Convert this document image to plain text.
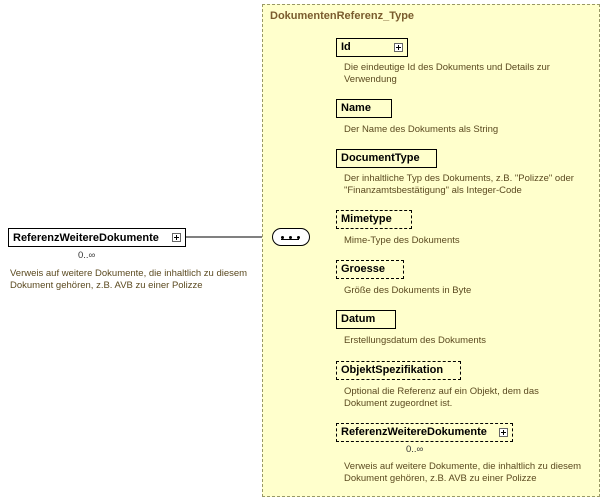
ReferenzWeitereDokumente
0..∞
Verweis auf weitere Dokumente, die inhaltlich zu diesem Dokument gehören, z.B. AVB zu einer Polizze
DokumentenReferenz_Type
Id
Die eindeutige Id des Dokuments und Details zur Verwendung
Name
Der Name des Dokuments als String
DocumentType
Der inhaltliche Typ des Dokuments, z.B. "Polizze" oder "Finanzamtsbestätigung" als Integer-Code
Mimetype
Mime-Type des Dokuments
Groesse
Größe des Dokuments in Byte
Datum
Erstellungsdatum des Dokuments
ObjektSpezifikation
Optional die Referenz auf ein Objekt, dem das Dokument zugeordnet ist.
ReferenzWeitereDokumente
0..∞
Verweis auf weitere Dokumente, die inhaltlich zu diesem Dokument gehören, z.B. AVB zu einer Polizze
